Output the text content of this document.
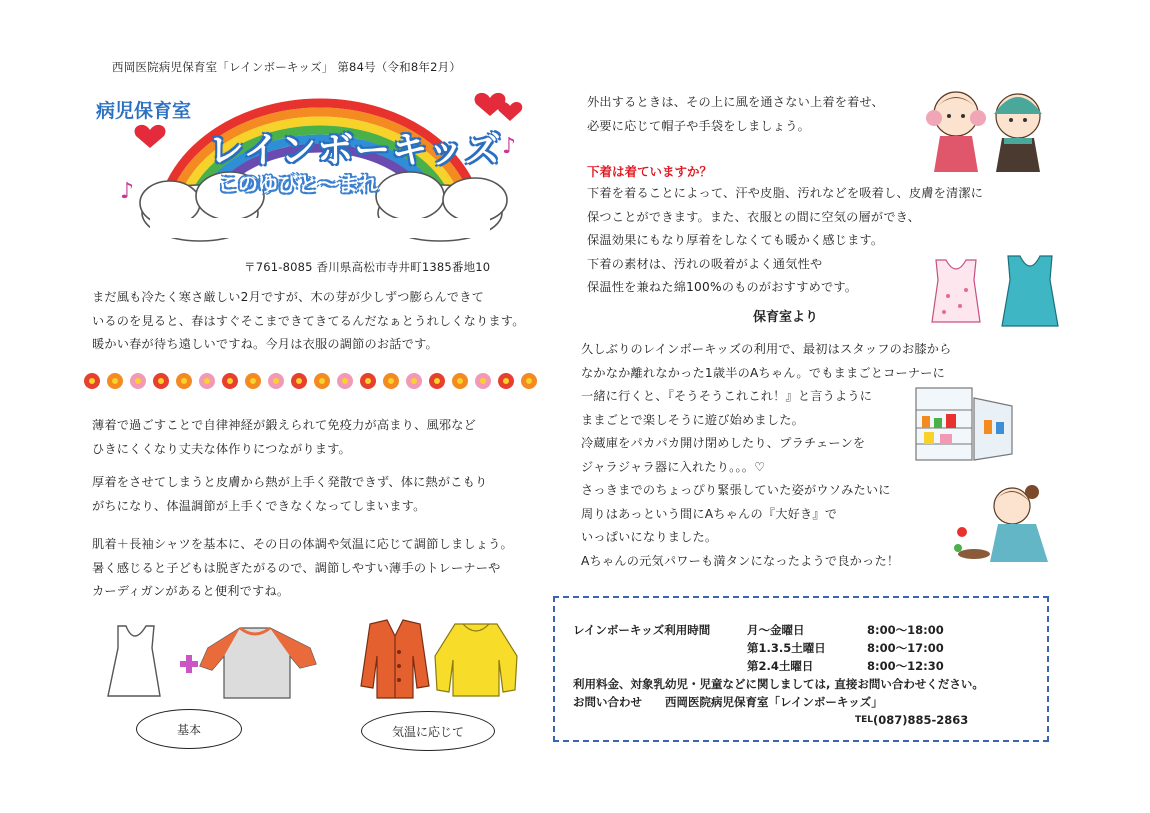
西岡医院病児保育室「レインボーキッズ」 第84号（令和8年2月）
♪
♪
病児保育室
レインボーキッズ
このゆびと～まれ
〒761-8085 香川県高松市寺井町1385番地10
まだ風も冷たく寒さ厳しい2月ですが、木の芽が少しずつ膨らんできて
いるのを見ると、春はすぐそこまできてきてるんだなぁとうれしくなります。
暖かい春が待ち遠しいですね。今月は衣服の調節のお話です。
薄着で過ごすことで自律神経が鍛えられて免疫力が高まり、風邪など
ひきにくくなり丈夫な体作りにつながります。
厚着をさせてしまうと皮膚から熱が上手く発散できず、体に熱がこもり
がちになり、体温調節が上手くできなくなってしまいます。
肌着＋長袖シャツを基本に、その日の体調や気温に応じて調節しましょう。
暑く感じると子どもは脱ぎたがるので、調節しやすい薄手のトレーナーや
カーディガンがあると便利ですね。
基本	気温に応じて
外出するときは、その上に風を通さない上着を着せ、
必要に応じて帽子や手袋をしましょう。
下着は着ていますか？
下着を着ることによって、汗や皮脂、汚れなどを吸着し、皮膚を清潔に
保つことができます。また、衣服との間に空気の層ができ、
保温効果にもなり厚着をしなくても暖かく感じます。
下着の素材は、汚れの吸着がよく通気性や
保温性を兼ねた綿100%のものがおすすめです。
保育室より
久しぶりのレインボーキッズの利用で、最初はスタッフのお膝から
なかなか離れなかった1歳半のAちゃん。でもままごとコーナーに
一緒に行くと、『そうそうこれこれ！』と言うように
ままごとで楽しそうに遊び始めました。
冷蔵庫をパカパカ開け閉めしたり、プラチェーンを
ジャラジャラ器に入れたり。。。♡
さっきまでのちょっぴり緊張していた姿がウソみたいに
周りはあっという間にAちゃんの『大好き』で
いっぱいになりました。
Aちゃんの元気パワーも満タンになったようで良かった！
レインボーキッズ利用時間	月～金曜日	8:00～18:00
第1.3.5土曜日	8:00～17:00
第2.4土曜日	8:00～12:30
利用料金、対象乳幼児・児童などに関しましては, 直接お問い合わせください。
お問い合わせ 西岡医院病児保育室「レインボーキッズ」
TEL (087)885-2863
